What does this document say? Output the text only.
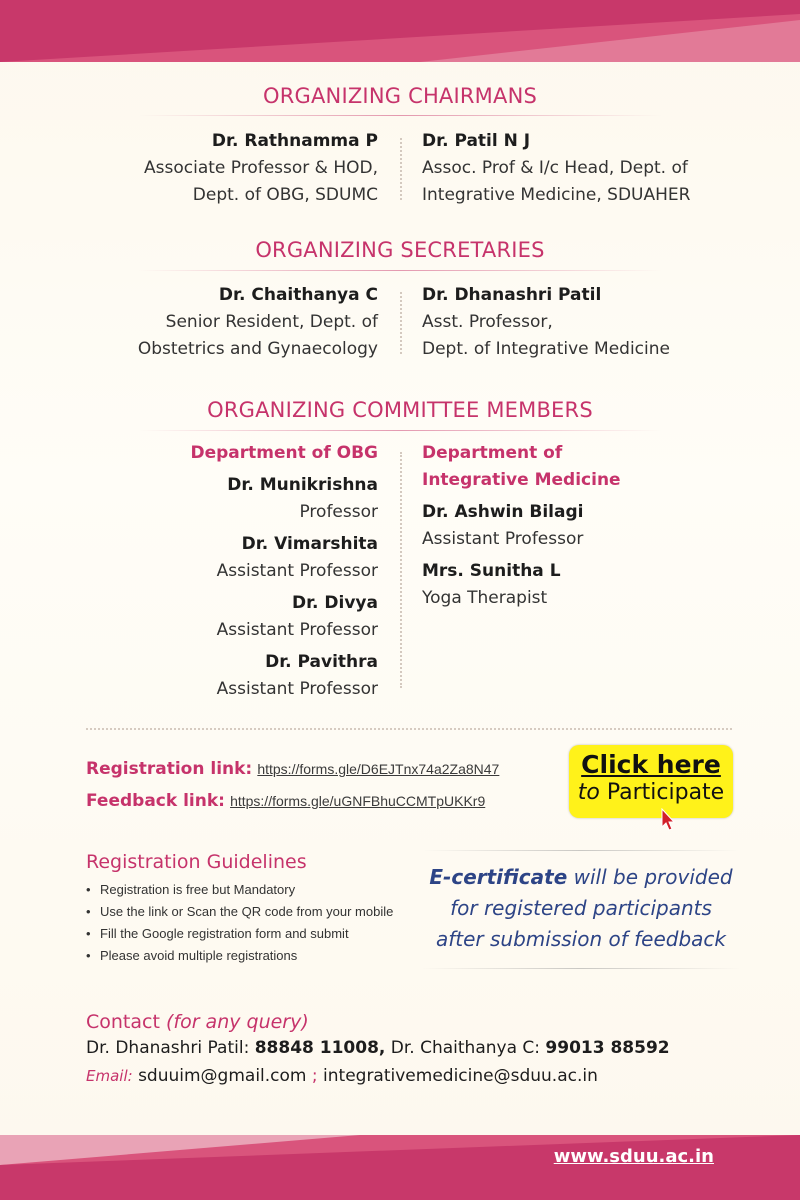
ORGANIZING CHAIRMANS
Dr. Rathnamma P
Associate Professor & HOD,
Dept. of OBG, SDUMC
Dr. Patil N J
Assoc. Prof & I/c Head, Dept. of
Integrative Medicine, SDUAHER
ORGANIZING SECRETARIES
Dr. Chaithanya C
Senior Resident, Dept. of
Obstetrics and Gynaecology
Dr. Dhanashri Patil
Asst. Professor,
Dept. of Integrative Medicine
ORGANIZING COMMITTEE MEMBERS
Department of OBG
Dr. Munikrishna
Professor
Dr. Vimarshita
Assistant Professor
Dr. Divya
Assistant Professor
Dr. Pavithra
Assistant Professor
Department of
Integrative Medicine
Dr. Ashwin Bilagi
Assistant Professor
Mrs. Sunitha L
Yoga Therapist
Registration link: https://forms.gle/D6EJTnx74a2Za8N47
Feedback link: https://forms.gle/uGNFBhuCCMTpUKKr9
Click here
to Participate
Registration Guidelines
• Registration is free but Mandatory
• Use the link or Scan the QR code from your mobile
• Fill the Google registration form and submit
• Please avoid multiple registrations
E-certificate will be provided
for registered participants
after submission of feedback
Contact (for any query)
Dr. Dhanashri Patil: 88848 11008, Dr. Chaithanya C: 99013 88592
Email: sduuim@gmail.com ; integrativemedicine@sduu.ac.in
www.sduu.ac.in
